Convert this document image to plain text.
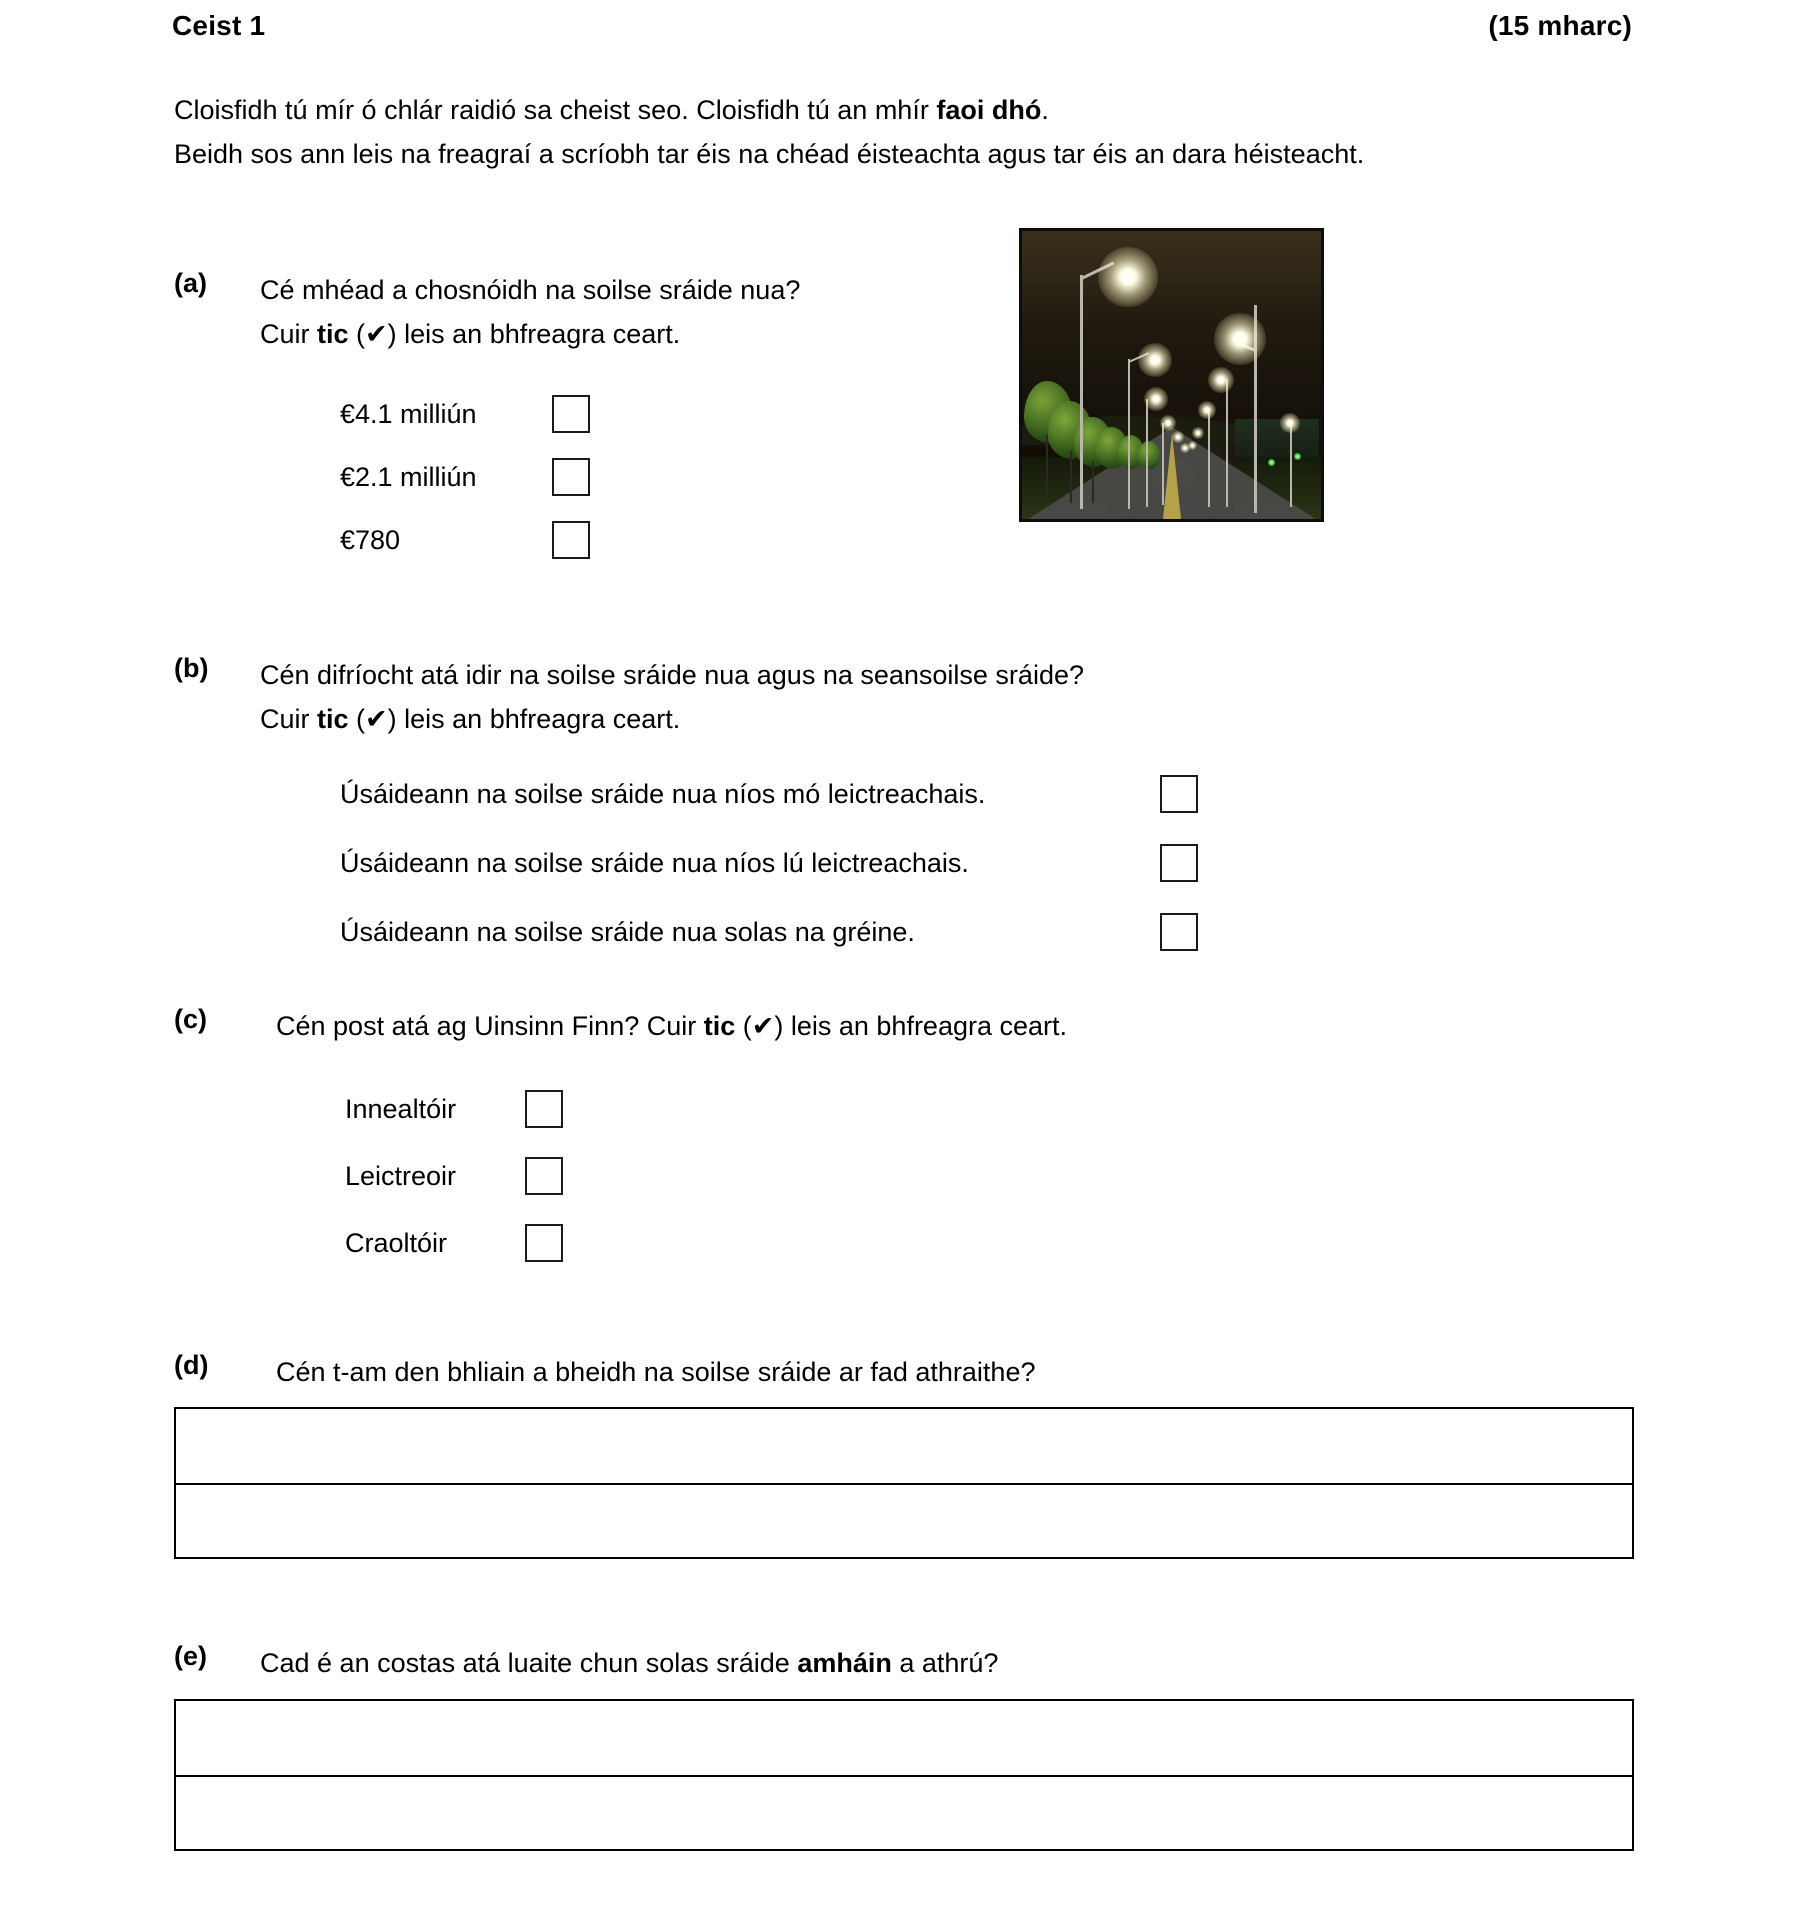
Ceist 1	(15 mharc)
Cloisfidh tú mír ó chlár raidió sa cheist seo. Cloisfidh tú an mhír faoi dhó.
Beidh sos ann leis na freagraí a scríobh tar éis na chéad éisteachta agus tar éis an dara héisteacht.
(a) Cé mhéad a chosnóidh na soilse sráide nua?
Cuir tic (✔) leis an bhfreagra ceart.
€4.1 milliún
€2.1 milliún
€780
(b) Cén difríocht atá idir na soilse sráide nua agus na seansoilse sráide?
Cuir tic (✔) leis an bhfreagra ceart.
Úsáideann na soilse sráide nua níos mó leictreachais.
Úsáideann na soilse sráide nua níos lú leictreachais.
Úsáideann na soilse sráide nua solas na gréine.
(c)	Cén post atá ag Uinsinn Finn? Cuir tic (✔) leis an bhfreagra ceart.
Innealtóir
Leictreoir
Craoltóir
(d)	Cén t-am den bhliain a bheidh na soilse sráide ar fad athraithe?
(e) Cad é an costas atá luaite chun solas sráide amháin a athrú?
